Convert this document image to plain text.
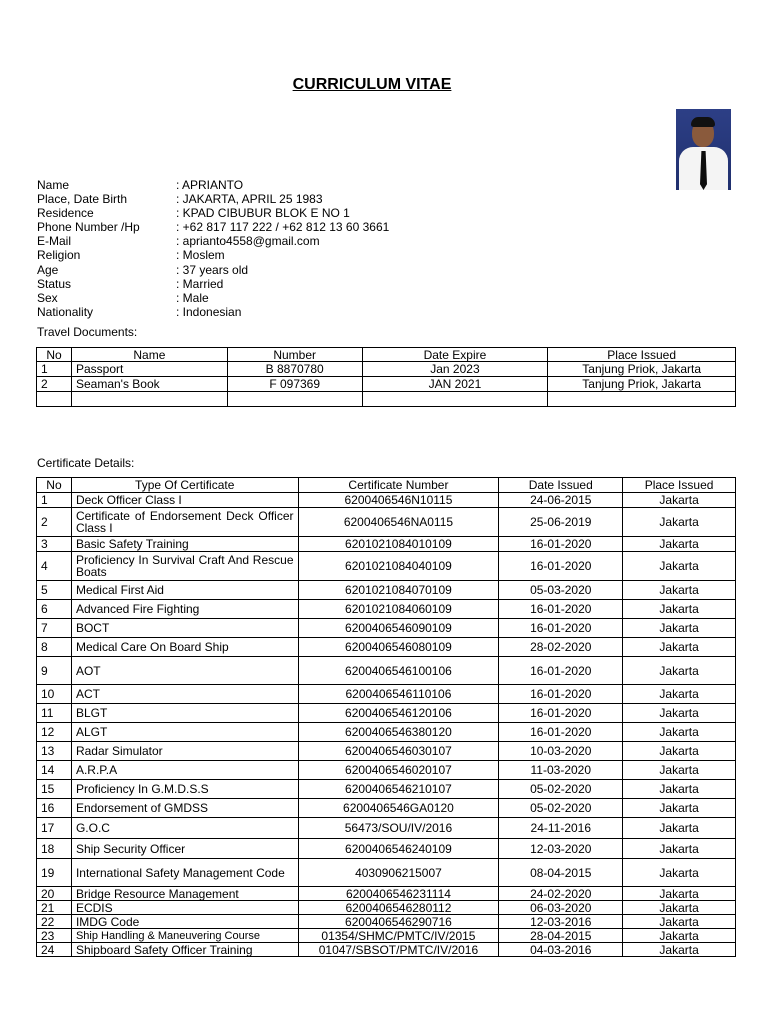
CURRICULUM VITAE
Name	: APRIANTO
Place, Date Birth	: JAKARTA, APRIL 25 1983
Residence	: KPAD CIBUBUR BLOK E NO 1
Phone Number /Hp	: +62 817 117 222 / +62 812 13 60 3661
E-Mail	: aprianto4558@gmail.com
Religion	: Moslem
Age	: 37 years old
Status	: Married
Sex	: Male
Nationality	: Indonesian
Travel Documents:
No	Name	Number	Date Expire	Place Issued
1	Passport	B 8870780	Jan 2023	Tanjung Priok, Jakarta
2	Seaman's Book	F 097369	JAN 2021	Tanjung Priok, Jakarta

Certificate Details:
No	Type Of Certificate	Certificate Number	Date Issued	Place Issued
1	Deck Officer Class I	6200406546N10115	24-06-2015	Jakarta
2	Certificate of Endorsement Deck Officer Class I	6200406546NA0115	25-06-2019	Jakarta
3	Basic Safety Training	6201021084010109	16-01-2020	Jakarta
4	Proficiency In Survival Craft And Rescue Boats	6201021084040109	16-01-2020	Jakarta
5	Medical First Aid	6201021084070109	05-03-2020	Jakarta
6	Advanced Fire Fighting	6201021084060109	16-01-2020	Jakarta
7	BOCT	6200406546090109	16-01-2020	Jakarta
8	Medical Care On Board Ship	6200406546080109	28-02-2020	Jakarta
9	AOT	6200406546100106	16-01-2020	Jakarta
10	ACT	6200406546110106	16-01-2020	Jakarta
11	BLGT	6200406546120106	16-01-2020	Jakarta
12	ALGT	6200406546380120	16-01-2020	Jakarta
13	Radar Simulator	6200406546030107	10-03-2020	Jakarta
14	A.R.P.A	6200406546020107	11-03-2020	Jakarta
15	Proficiency In G.M.D.S.S	6200406546210107	05-02-2020	Jakarta
16	Endorsement of GMDSS	6200406546GA0120	05-02-2020	Jakarta
17	G.O.C	56473/SOU/IV/2016	24-11-2016	Jakarta
18	Ship Security Officer	6200406546240109	12-03-2020	Jakarta
19	International Safety Management Code	4030906215007	08-04-2015	Jakarta
20	Bridge Resource Management	6200406546231114	24-02-2020	Jakarta
21	ECDIS	6200406546280112	06-03-2020	Jakarta
22	IMDG Code	6200406546290716	12-03-2016	Jakarta
23	Ship Handling & Maneuvering Course	01354/SHMC/PMTC/IV/2015	28-04-2015	Jakarta
24	Shipboard Safety Officer Training	01047/SBSOT/PMTC/IV/2016	04-03-2016	Jakarta
